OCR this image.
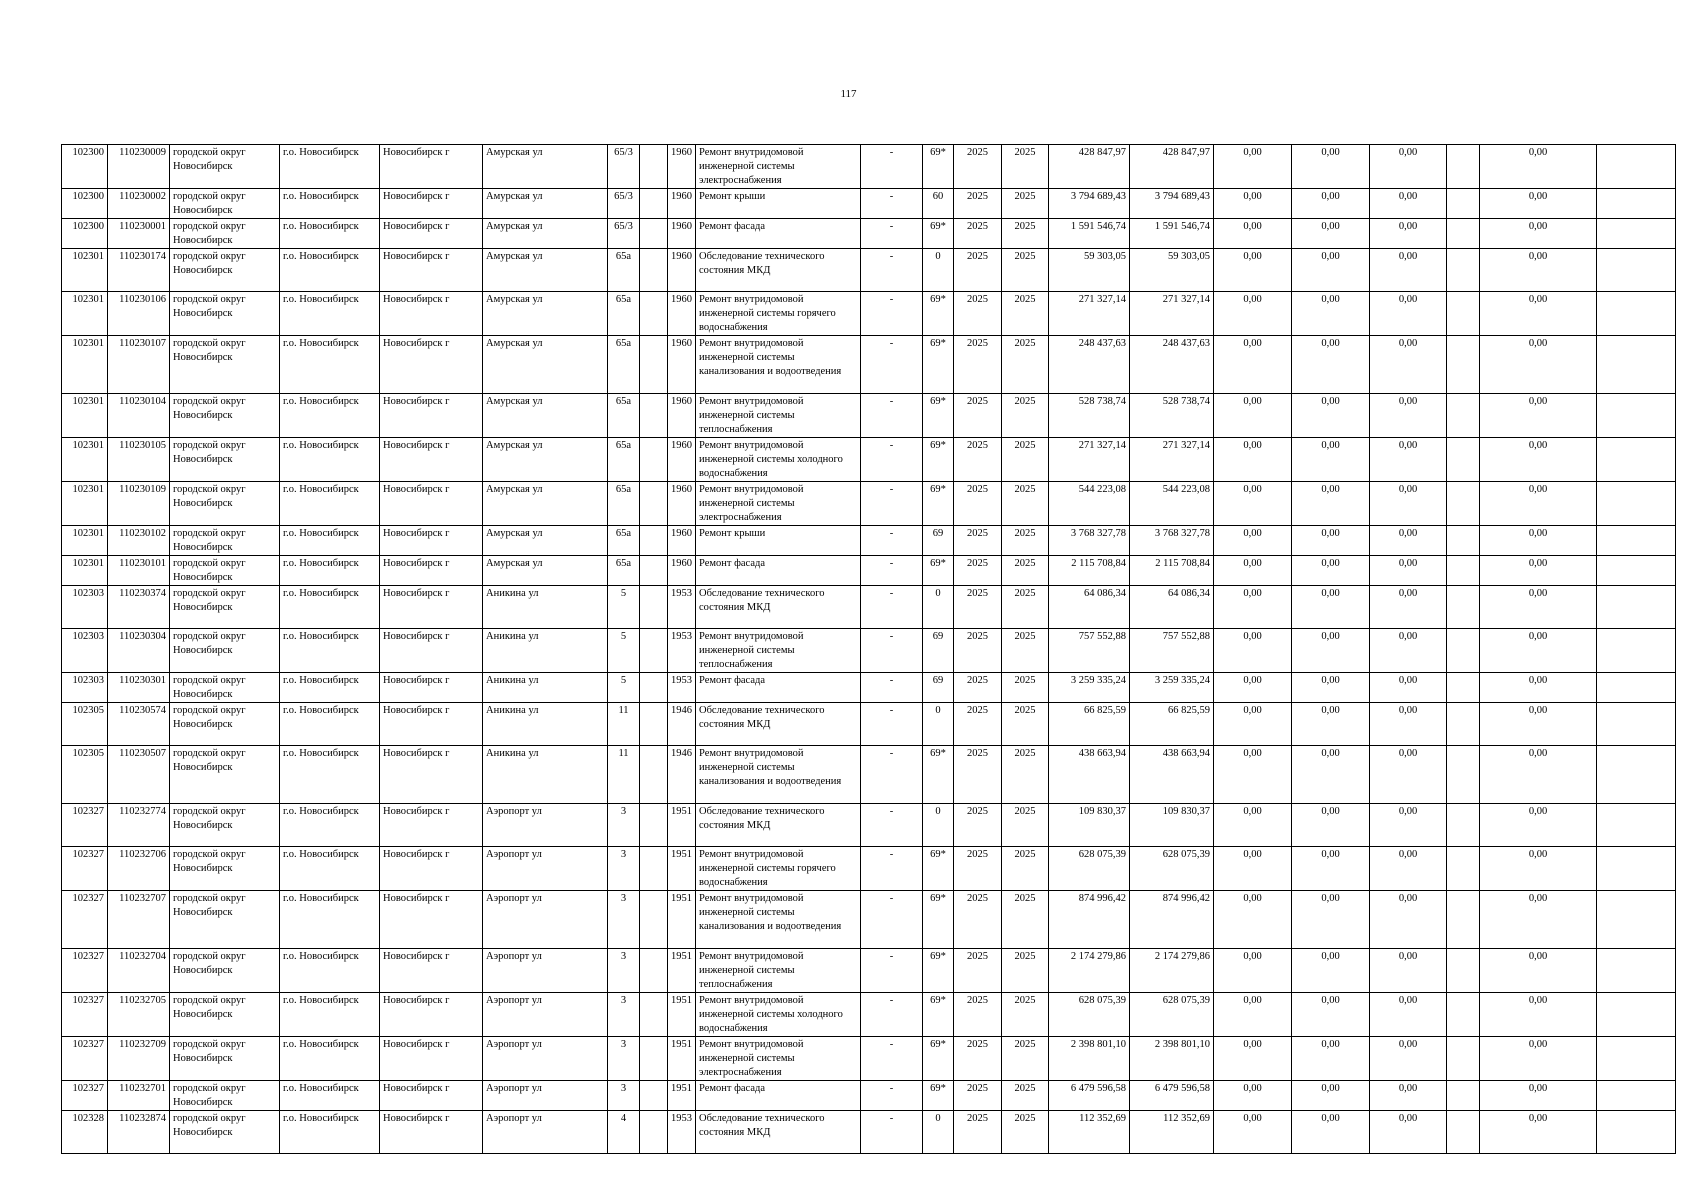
117
102300	110230009	городской округ Новосибирск	г.о. Новосибирск	Новосибирск г	Амурская ул	65/3		1960	Ремонт внутридомовой инженерной системы электроснабжения	-	69*	2025	2025	428 847,97	428 847,97	0,00	0,00	0,00		0,00	
102300	110230002	городской округ Новосибирск	г.о. Новосибирск	Новосибирск г	Амурская ул	65/3		1960	Ремонт крыши	-	60	2025	2025	3 794 689,43	3 794 689,43	0,00	0,00	0,00		0,00	
102300	110230001	городской округ Новосибирск	г.о. Новосибирск	Новосибирск г	Амурская ул	65/3		1960	Ремонт фасада	-	69*	2025	2025	1 591 546,74	1 591 546,74	0,00	0,00	0,00		0,00	
102301	110230174	городской округ Новосибирск	г.о. Новосибирск	Новосибирск г	Амурская ул	65а		1960	Обследование технического состояния МКД	-	0	2025	2025	59 303,05	59 303,05	0,00	0,00	0,00		0,00	
102301	110230106	городской округ Новосибирск	г.о. Новосибирск	Новосибирск г	Амурская ул	65а		1960	Ремонт внутридомовой инженерной системы горячего водоснабжения	-	69*	2025	2025	271 327,14	271 327,14	0,00	0,00	0,00		0,00	
102301	110230107	городской округ Новосибирск	г.о. Новосибирск	Новосибирск г	Амурская ул	65а		1960	Ремонт внутридомовой инженерной системы канализования и водоотведения	-	69*	2025	2025	248 437,63	248 437,63	0,00	0,00	0,00		0,00	
102301	110230104	городской округ Новосибирск	г.о. Новосибирск	Новосибирск г	Амурская ул	65а		1960	Ремонт внутридомовой инженерной системы теплоснабжения	-	69*	2025	2025	528 738,74	528 738,74	0,00	0,00	0,00		0,00	
102301	110230105	городской округ Новосибирск	г.о. Новосибирск	Новосибирск г	Амурская ул	65а		1960	Ремонт внутридомовой инженерной системы холодного водоснабжения	-	69*	2025	2025	271 327,14	271 327,14	0,00	0,00	0,00		0,00	
102301	110230109	городской округ Новосибирск	г.о. Новосибирск	Новосибирск г	Амурская ул	65а		1960	Ремонт внутридомовой инженерной системы электроснабжения	-	69*	2025	2025	544 223,08	544 223,08	0,00	0,00	0,00		0,00	
102301	110230102	городской округ Новосибирск	г.о. Новосибирск	Новосибирск г	Амурская ул	65а		1960	Ремонт крыши	-	69	2025	2025	3 768 327,78	3 768 327,78	0,00	0,00	0,00		0,00	
102301	110230101	городской округ Новосибирск	г.о. Новосибирск	Новосибирск г	Амурская ул	65а		1960	Ремонт фасада	-	69*	2025	2025	2 115 708,84	2 115 708,84	0,00	0,00	0,00		0,00	
102303	110230374	городской округ Новосибирск	г.о. Новосибирск	Новосибирск г	Аникина ул	5		1953	Обследование технического состояния МКД	-	0	2025	2025	64 086,34	64 086,34	0,00	0,00	0,00		0,00	
102303	110230304	городской округ Новосибирск	г.о. Новосибирск	Новосибирск г	Аникина ул	5		1953	Ремонт внутридомовой инженерной системы теплоснабжения	-	69	2025	2025	757 552,88	757 552,88	0,00	0,00	0,00		0,00	
102303	110230301	городской округ Новосибирск	г.о. Новосибирск	Новосибирск г	Аникина ул	5		1953	Ремонт фасада	-	69	2025	2025	3 259 335,24	3 259 335,24	0,00	0,00	0,00		0,00	
102305	110230574	городской округ Новосибирск	г.о. Новосибирск	Новосибирск г	Аникина ул	11		1946	Обследование технического состояния МКД	-	0	2025	2025	66 825,59	66 825,59	0,00	0,00	0,00		0,00	
102305	110230507	городской округ Новосибирск	г.о. Новосибирск	Новосибирск г	Аникина ул	11		1946	Ремонт внутридомовой инженерной системы канализования и водоотведения	-	69*	2025	2025	438 663,94	438 663,94	0,00	0,00	0,00		0,00	
102327	110232774	городской округ Новосибирск	г.о. Новосибирск	Новосибирск г	Аэропорт ул	3		1951	Обследование технического состояния МКД	-	0	2025	2025	109 830,37	109 830,37	0,00	0,00	0,00		0,00	
102327	110232706	городской округ Новосибирск	г.о. Новосибирск	Новосибирск г	Аэропорт ул	3		1951	Ремонт внутридомовой инженерной системы горячего водоснабжения	-	69*	2025	2025	628 075,39	628 075,39	0,00	0,00	0,00		0,00	
102327	110232707	городской округ Новосибирск	г.о. Новосибирск	Новосибирск г	Аэропорт ул	3		1951	Ремонт внутридомовой инженерной системы канализования и водоотведения	-	69*	2025	2025	874 996,42	874 996,42	0,00	0,00	0,00		0,00	
102327	110232704	городской округ Новосибирск	г.о. Новосибирск	Новосибирск г	Аэропорт ул	3		1951	Ремонт внутридомовой инженерной системы теплоснабжения	-	69*	2025	2025	2 174 279,86	2 174 279,86	0,00	0,00	0,00		0,00	
102327	110232705	городской округ Новосибирск	г.о. Новосибирск	Новосибирск г	Аэропорт ул	3		1951	Ремонт внутридомовой инженерной системы холодного водоснабжения	-	69*	2025	2025	628 075,39	628 075,39	0,00	0,00	0,00		0,00	
102327	110232709	городской округ Новосибирск	г.о. Новосибирск	Новосибирск г	Аэропорт ул	3		1951	Ремонт внутридомовой инженерной системы электроснабжения	-	69*	2025	2025	2 398 801,10	2 398 801,10	0,00	0,00	0,00		0,00	
102327	110232701	городской округ Новосибирск	г.о. Новосибирск	Новосибирск г	Аэропорт ул	3		1951	Ремонт фасада	-	69*	2025	2025	6 479 596,58	6 479 596,58	0,00	0,00	0,00		0,00	
102328	110232874	городской округ Новосибирск	г.о. Новосибирск	Новосибирск г	Аэропорт ул	4		1953	Обследование технического состояния МКД	-	0	2025	2025	112 352,69	112 352,69	0,00	0,00	0,00		0,00	
